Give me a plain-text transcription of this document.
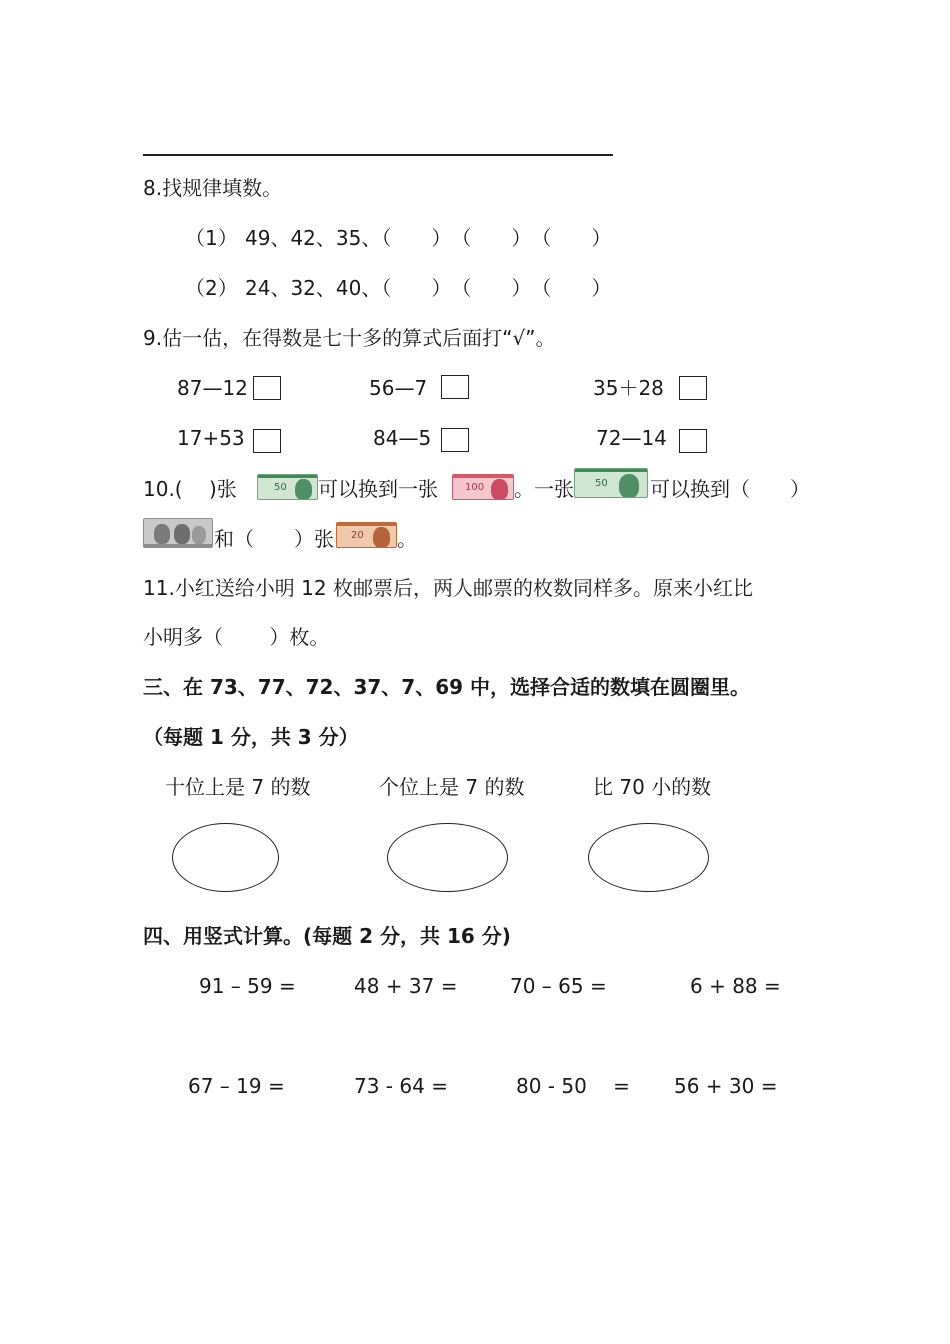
8.找规律填数。
（1） 49、42、35、（　　）　（　　）　（　　）
（2） 24、32、40、（　　）　（　　）　（　　）
9.估一估，在得数是七十多的算式后面打“√”。
87—12	56—7	35＋28
17+53	84—5	72—14
10.(　 )张	50 可以换到一张	100 。一张 50 可以换到（　　）
和（　　）张 20 。
11.小红送给小明 12 枚邮票后，两人邮票的枚数同样多。原来小红比
小明多（　　 ）枚。
三、在 73、77、72、37、7、69 中，选择合适的数填在圆圈里。
（每题 1 分，共 3 分）
十位上是 7 的数	个位上是 7 的数	比 70 小的数
四、用竖式计算。(每题 2 分，共 16 分)
91 – 59 =	48 + 37 =	70 – 65 =	6 + 88 =
67 – 19 =	73 - 64 =	80 - 50　 = 56 + 30 =
